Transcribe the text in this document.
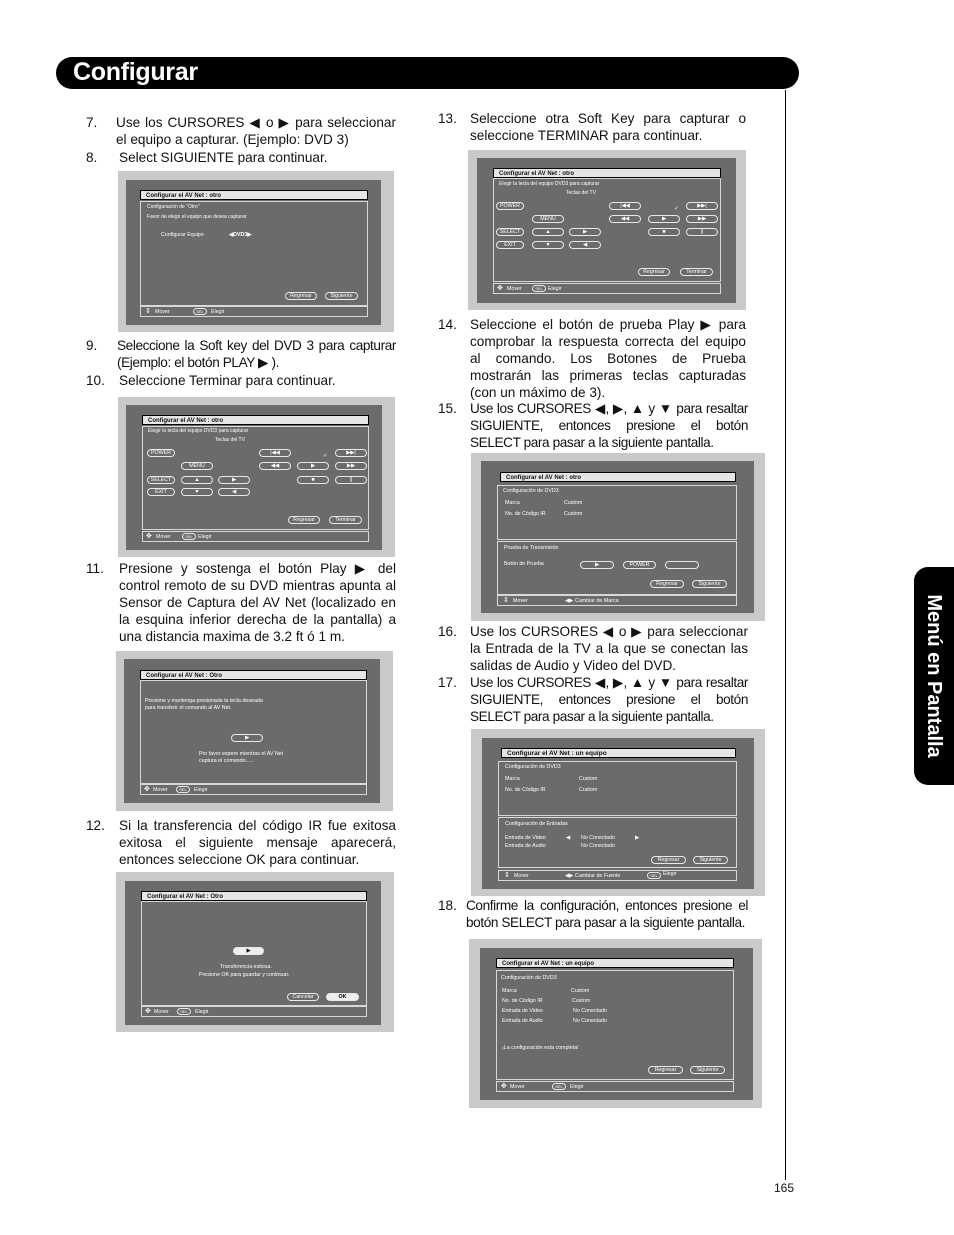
Configurar
Menú en Pantalla
165
7. Use los CURSORES ◀ o ▶ para seleccionar el equipo a capturar. (Ejemplo: DVD 3)
8. Select SIGUIENTE para continuar.
Configurar el AV Net : otro
Configuración de "Otro"
Favor de elegir el equipo que desea capturar
Configurar Equipo	◀DVD3▶
Regresar	Siguiente
⇕ Mover	SEL	Elegir
9. Seleccione la Soft key del DVD 3 para capturar (Ejemplo: el botón PLAY ▶ ).
10. Seleccione Terminar para continuar.
Configurar el AV Net : otro
Elegir la tecla del equipo DVD3 para capturar
Teclas del TV
POWER
MENU
SELECT
EXIT
▲	▶
▼	◀
|◀◀	▶▶|
◀◀	▶	▶▶
■	||
✓
Regresar	Terminar
✥ Mover	SEL Elegir
11. Presione y sostenga el botón Play ▶ del control remoto de su DVD mientras apunta al Sensor de Captura del AV Net (localizado en la esquina inferior derecha de la pantalla) a una distancia maxima de 3.2 ft ó 1 m.
Configurar el AV Net : Otro
Presione y mantenga presionada la tecla deseada
para transferir el comando al AV Net.
▶
Por favor espere mientras el AV Net
captura el comando.....
✥ Mover	SEL	Elegir
12. Si la transferencia del código IR fue exitosa exitosa el siguiente mensaje aparecerá, entonces seleccione OK para continuar.
Configurar el AV Net : Otro
▶
Transferencia exitosa.
Presione OK para guardar y continuar.
Cancelar	OK
✥ Mover	SEL	Elegir
13. Seleccione otra Soft Key para capturar o seleccione TERMINAR para continuar.
Configurar el AV Net : otro
Elegir la tecla del equipo DVD3 para capturar
Teclas del TV
POWER
MENU
SELECT
EXIT
▲	▶
▼	◀
|◀◀	▶▶|
◀◀	▶	▶▶
■	||
✓
Regresar	Terminar
✥ Mover	SEL Elegir
14. Seleccione el botón de prueba Play ▶ para comprobar la respuesta correcta del equipo al comando. Los Botones de Prueba mostrarán las primeras teclas capturadas (con un máximo de 3).
15. Use los CURSORES ◀, ▶, ▲ y ▼ para resaltar SIGUIENTE, entonces presione el botón SELECT para pasar a la siguiente pantalla.
Configurar el AV Net : otro
Configuración de DVD3
Marca	Custom
No. de Código IR	Custom
Prueba de Transmisión
Botón de Prueba	▶	POWER
Regresar	Siguiente
⇕ Mover	◀▶ Cambiar de Marca
16. Use los CURSORES ◀ o ▶ para seleccionar la Entrada de la TV a la que se conectan las salidas de Audio y Video del DVD.
17. Use los CURSORES ◀, ▶, ▲ y ▼ para resaltar SIGUIENTE, entonces presione el botón SELECT para pasar a la siguiente pantalla.
Configurar el AV Net : un equipo
Configuración de DVD3
Marca	Custom
No. de Código IR	Custom
Configuración de Entradas
Entrada de Video	◀ No Conectado	▶
Entrada de Audio	No Conectado
Regresar	Siguiente
⇕ Mover	◀▶ Cambiar de Fuente	SEL Elegir
18. Confirme la configuración, entonces presione el botón SELECT para pasar a la siguiente pantalla.
Configurar el AV Net : un equipo
Configuración de DVD3
Marca	Custom
No. de Código IR	Custom
Entrada de Video	No Conectado
Entrada de Audio	No Conectado
¡La configuración esta completa!
Regresar	Siguiente
✥ Mover	SEL	Elegir
